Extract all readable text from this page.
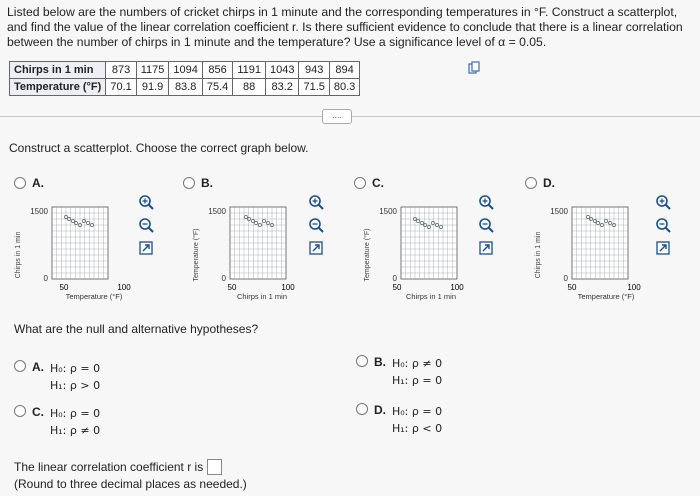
Listed below are the numbers of cricket chirps in 1 minute and the corresponding temperatures in °F. Construct a scatterplot, and find the value of the linear correlation coefficient r. Is there sufficient evidence to conclude that there is a linear correlation between the number of chirps in 1 minute and the temperature? Use a significance level of α = 0.05.
Chirps in 1 min	873	1175	1094	856	1191	1043	943	894
Temperature (°F)	70.1	91.9	83.8	75.4	88	83.2	71.5	80.3
....
Construct a scatterplot. Choose the correct graph below.
A.	B.	C.	D.
Chirps in 1 min
1500
0
50	100
Temperature (°F)
Temperature (°F)
1500
0
50	100
Chirps in 1 min
Temperature (°F)
1500
0
50	100
Chirps in 1 min
Chirps in 1 min
1500
0
50	100
Temperature (°F)
What are the null and alternative hypotheses?
A. H₀: ρ = 0
H₁: ρ > 0
B. H₀: ρ ≠ 0
H₁: ρ = 0
C. H₀: ρ = 0
H₁: ρ ≠ 0
D. H₀: ρ = 0
H₁: ρ < 0
The linear correlation coefficient r is
(Round to three decimal places as needed.)
